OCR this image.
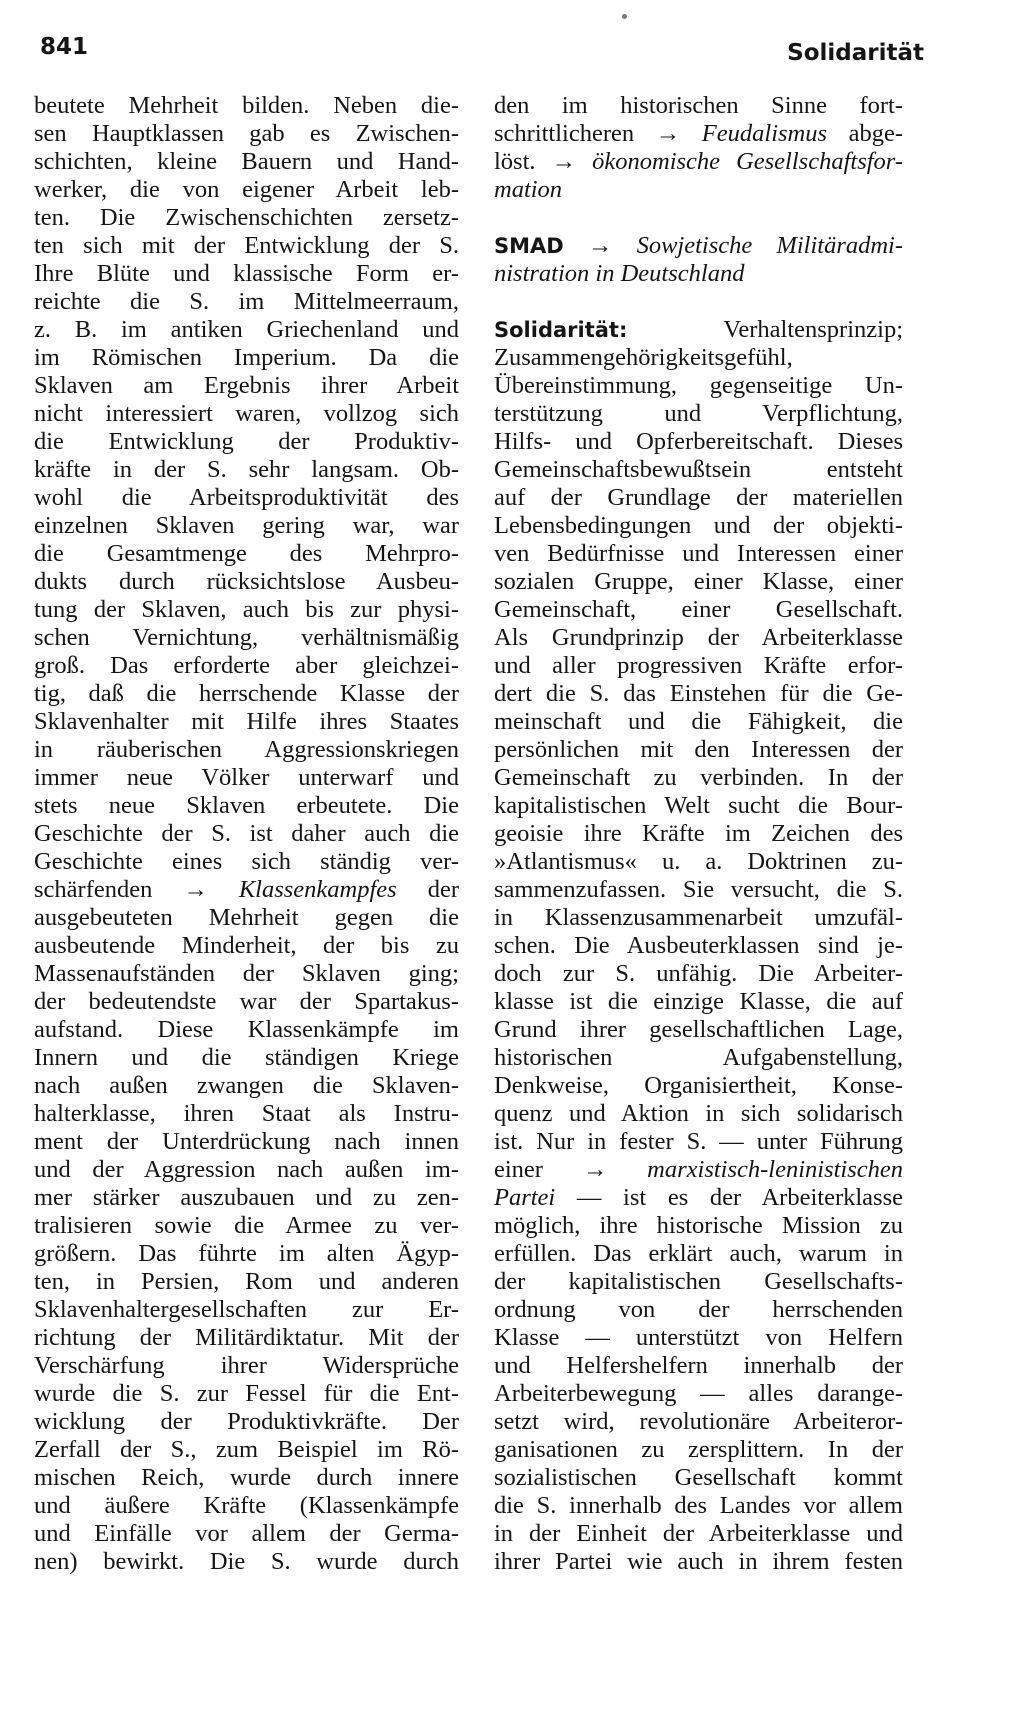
841	Solidarität
beutete Mehrheit bilden. Neben die-
sen Hauptklassen gab es Zwischen-
schichten, kleine Bauern und Hand-
werker, die von eigener Arbeit leb-
ten. Die Zwischenschichten zersetz-
ten sich mit der Entwicklung der S.
Ihre Blüte und klassische Form er-
reichte die S. im Mittelmeerraum,
z. B. im antiken Griechenland und
im Römischen Imperium. Da die
Sklaven am Ergebnis ihrer Arbeit
nicht interessiert waren, vollzog sich
die Entwicklung der Produktiv-
kräfte in der S. sehr langsam. Ob-
wohl die Arbeitsproduktivität des
einzelnen Sklaven gering war, war
die Gesamtmenge des Mehrpro-
dukts durch rücksichtslose Ausbeu-
tung der Sklaven, auch bis zur physi-
schen Vernichtung, verhältnismäßig
groß. Das erforderte aber gleichzei-
tig, daß die herrschende Klasse der
Sklavenhalter mit Hilfe ihres Staates
in räuberischen Aggressionskriegen
immer neue Völker unterwarf und
stets neue Sklaven erbeutete. Die
Geschichte der S. ist daher auch die
Geschichte eines sich ständig ver-
schärfenden → Klassenkampfes der
ausgebeuteten Mehrheit gegen die
ausbeutende Minderheit, der bis zu
Massenaufständen der Sklaven ging;
der bedeutendste war der Spartakus-
aufstand. Diese Klassenkämpfe im
Innern und die ständigen Kriege
nach außen zwangen die Sklaven-
halterklasse, ihren Staat als Instru-
ment der Unterdrückung nach innen
und der Aggression nach außen im-
mer stärker auszubauen und zu zen-
tralisieren sowie die Armee zu ver-
größern. Das führte im alten Ägyp-
ten, in Persien, Rom und anderen
Sklavenhaltergesellschaften zur Er-
richtung der Militärdiktatur. Mit der
Verschärfung ihrer Widersprüche
wurde die S. zur Fessel für die Ent-
wicklung der Produktivkräfte. Der
Zerfall der S., zum Beispiel im Rö-
mischen Reich, wurde durch innere
und äußere Kräfte (Klassenkämpfe
und Einfälle vor allem der Germa-
nen) bewirkt. Die S. wurde durch
den im historischen Sinne fort-
schrittlicheren → Feudalismus abge-
löst. → ökonomische Gesellschaftsfor-
mation
SMAD → Sowjetische Militäradmi-
nistration in Deutschland
Solidarität: Verhaltensprinzip;
Zusammengehörigkeitsgefühl,
Übereinstimmung, gegenseitige Un-
terstützung und Verpflichtung,
Hilfs- und Opferbereitschaft. Dieses
Gemeinschaftsbewußtsein entsteht
auf der Grundlage der materiellen
Lebensbedingungen und der objekti-
ven Bedürfnisse und Interessen einer
sozialen Gruppe, einer Klasse, einer
Gemeinschaft, einer Gesellschaft.
Als Grundprinzip der Arbeiterklasse
und aller progressiven Kräfte erfor-
dert die S. das Einstehen für die Ge-
meinschaft und die Fähigkeit, die
persönlichen mit den Interessen der
Gemeinschaft zu verbinden. In der
kapitalistischen Welt sucht die Bour-
geoisie ihre Kräfte im Zeichen des
»Atlantismus« u. a. Doktrinen zu-
sammenzufassen. Sie versucht, die S.
in Klassenzusammenarbeit umzufäl-
schen. Die Ausbeuterklassen sind je-
doch zur S. unfähig. Die Arbeiter-
klasse ist die einzige Klasse, die auf
Grund ihrer gesellschaftlichen Lage,
historischen Aufgabenstellung,
Denkweise, Organisiertheit, Konse-
quenz und Aktion in sich solidarisch
ist. Nur in fester S. — unter Führung
einer → marxistisch-leninistischen
Partei — ist es der Arbeiterklasse
möglich, ihre historische Mission zu
erfüllen. Das erklärt auch, warum in
der kapitalistischen Gesellschafts-
ordnung von der herrschenden
Klasse — unterstützt von Helfern
und Helfershelfern innerhalb der
Arbeiterbewegung — alles darange-
setzt wird, revolutionäre Arbeiteror-
ganisationen zu zersplittern. In der
sozialistischen Gesellschaft kommt
die S. innerhalb des Landes vor allem
in der Einheit der Arbeiterklasse und
ihrer Partei wie auch in ihrem festen
